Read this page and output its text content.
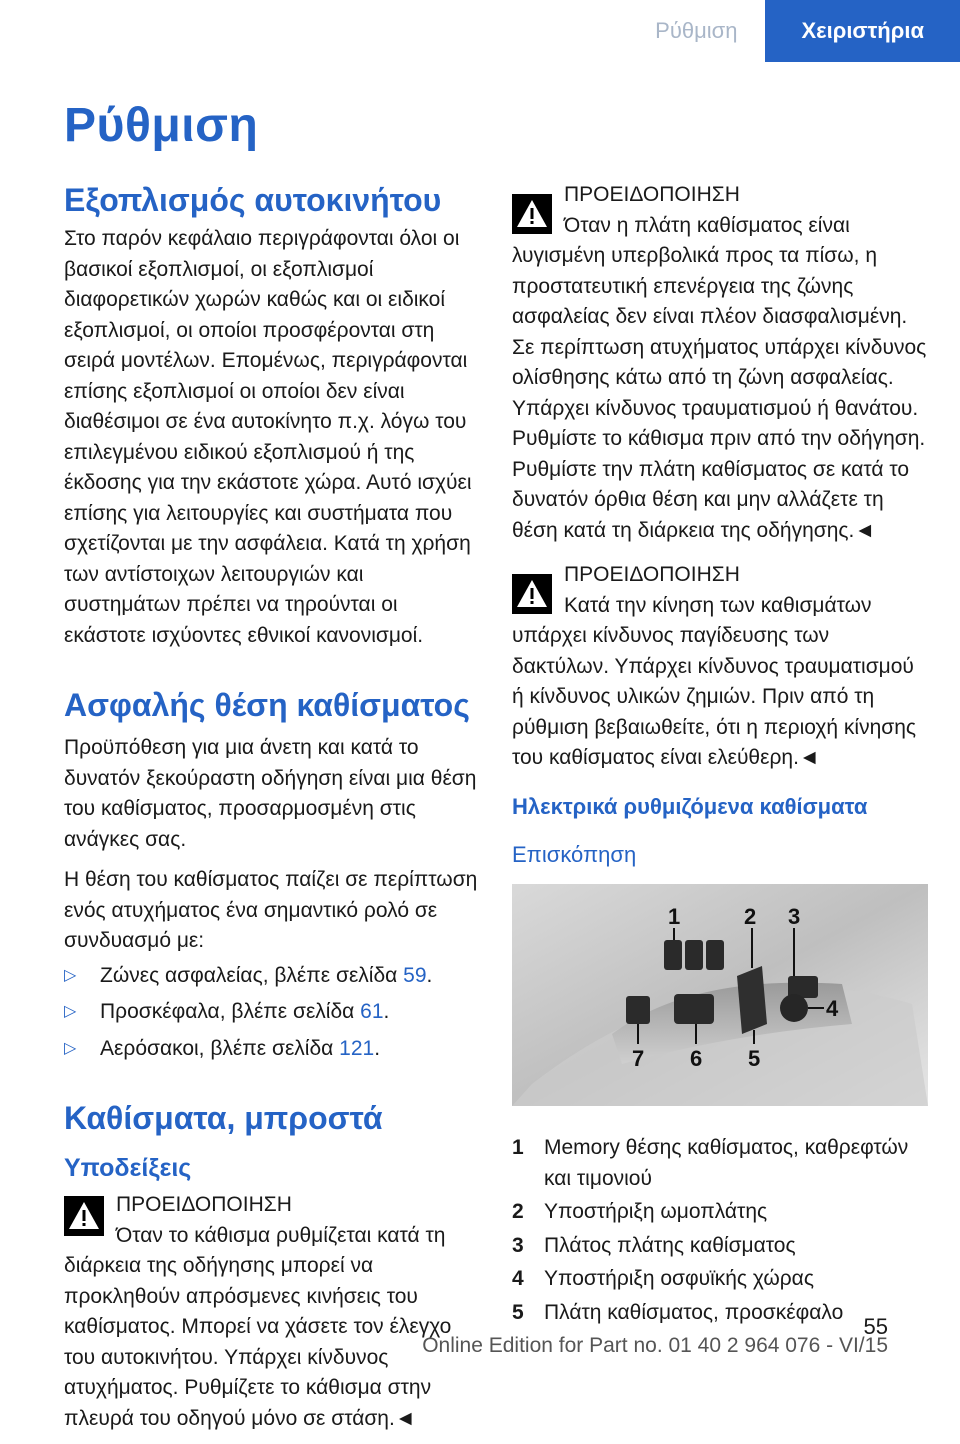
Ρύθμιση	Χειριστήρια
Ρύθμιση
Εξοπλισμός αυτοκινήτου

Στο παρόν κεφάλαιο περιγράφονται όλοι οι βασικοί εξοπλισμοί, οι εξοπλισμοί διαφορετικών χωρών καθώς και οι ειδικοί εξοπλισμοί, οι οποίοι προσφέρονται στη σειρά μοντέλων. Επομένως, περιγράφονται επίσης εξοπλισμοί οι οποίοι δεν είναι διαθέσιμοι σε ένα αυτοκίνητο π.χ. λόγω του επιλεγμένου ειδικού εξοπλισμού ή της έκδοσης για την εκάστοτε χώρα. Αυτό ισχύει επίσης για λειτουργίες και συστήματα που σχετίζονται με την ασφάλεια. Κατά τη χρήση των αντίστοιχων λειτουργιών και συστημάτων πρέπει να τηρούνται οι εκάστοτε ισχύοντες εθνικοί κανονισμοί.

Ασφαλής θέση καθίσματος

Προϋπόθεση για μια άνετη και κατά το δυνατόν ξεκούραστη οδήγηση είναι μια θέση του καθίσματος, προσαρμοσμένη στις ανάγκες σας.

Η θέση του καθίσματος παίζει σε περίπτωση ενός ατυχήματος ένα σημαντικό ρολό σε συνδυασμό με:

▷	Ζώνες ασφαλείας, βλέπε σελίδα 59.
▷	Προσκέφαλα, βλέπε σελίδα 61.
▷	Αερόσακοι, βλέπε σελίδα 121.
Καθίσματα, μπροστά
Υποδείξεις
ΠΡΟΕΙΔΟΠΟΙΗΣΗ
Όταν το κάθισμα ρυθμίζεται κατά τη διάρκεια της οδήγησης μπορεί να προκληθούν απρόσμενες κινήσεις του καθίσματος. Μπορεί να χάσετε τον έλεγχο του αυτοκινήτου. Υπάρχει κίνδυνος ατυχήματος. Ρυθμίζετε το κάθισμα στην πλευρά του οδηγού μόνο σε στάση.◄
ΠΡΟΕΙΔΟΠΟΙΗΣΗ
Όταν η πλάτη καθίσματος είναι λυγισμένη υπερβολικά προς τα πίσω, η προστατευτική επενέργεια της ζώνης ασφαλείας δεν είναι πλέον διασφαλισμένη. Σε περίπτωση ατυχήματος υπάρχει κίνδυνος ολίσθησης κάτω από τη ζώνη ασφαλείας. Υπάρχει κίνδυνος τραυματισμού ή θανάτου. Ρυθμίστε το κάθισμα πριν από την οδήγηση. Ρυθμίστε την πλάτη καθίσματος σε κατά το δυνατόν όρθια θέση και μην αλλάζετε τη θέση κατά τη διάρκεια της οδήγησης.◄
ΠΡΟΕΙΔΟΠΟΙΗΣΗ
Κατά την κίνηση των καθισμάτων υπάρχει κίνδυνος παγίδευσης των δακτύλων. Υπάρχει κίνδυνος τραυματισμού ή κίνδυνος υλικών ζημιών. Πριν από τη ρύθμιση βεβαιωθείτε, ότι η περιοχή κίνησης του καθίσματος είναι ελεύθερη.◄
Ηλεκτρικά ρυθμιζόμενα καθίσματα
Επισκόπηση
1	2 3
4
5
6
7
1 Memory θέσης καθίσματος, καθρεφτών και τιμονιού
2 Υποστήριξη ωμοπλάτης
3 Πλάτος πλάτης καθίσματος
4 Υποστήριξη οσφυϊκής χώρας
5 Πλάτη καθίσματος, προσκέφαλο
55
Online Edition for Part no. 01 40 2 964 076 - VI/15
